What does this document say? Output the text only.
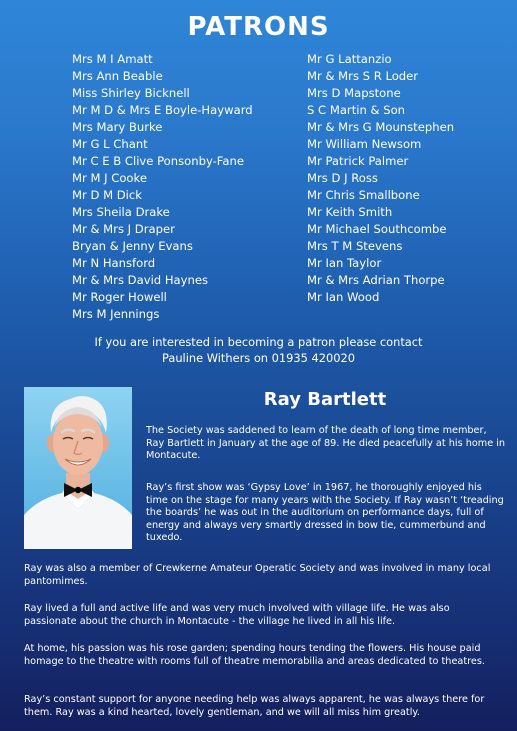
PATRONS
Mrs M I Amatt
Mrs Ann Beable
Miss Shirley Bicknell
Mr M D & Mrs E Boyle-Hayward
Mrs Mary Burke
Mr G L Chant
Mr C E B Clive Ponsonby-Fane
Mr M J Cooke
Mr D M Dick
Mrs Sheila Drake
Mr & Mrs J Draper
Bryan & Jenny Evans
Mr N Hansford
Mr & Mrs David Haynes
Mr Roger Howell
Mrs M Jennings
Mr G Lattanzio
Mr & Mrs S R Loder
Mrs D Mapstone
S C Martin & Son
Mr & Mrs G Mounstephen
Mr William Newsom
Mr Patrick Palmer
Mrs D J Ross
Mr Chris Smallbone
Mr Keith Smith
Mr Michael Southcombe
Mrs T M Stevens
Mr Ian Taylor
Mr & Mrs Adrian Thorpe
Mr Ian Wood
If you are interested in becoming a patron please contact
Pauline Withers on 01935 420020
Ray Bartlett

The Society was saddened to learn of the death of long time member, Ray Bartlett in January at the age of 89. He died peacefully at his home in Montacute.

Ray’s first show was ‘Gypsy Love’ in 1967, he thoroughly enjoyed his time on the stage for many years with the Society. If Ray wasn’t ‘treading the boards’ he was out in the auditorium on performance days, full of energy and always very smartly dressed in bow tie, cummerbund and tuxedo.

Ray was also a member of Crewkerne Amateur Operatic Society and was involved in many local pantomimes.

Ray lived a full and active life and was very much involved with village life. He was also passionate about the church in Montacute - the village he lived in all his life.

At home, his passion was his rose garden; spending hours tending the flowers. His house paid homage to the theatre with rooms full of theatre memorabilia and areas dedicated to theatres.

Ray’s constant support for anyone needing help was always apparent, he was always there for them. Ray was a kind hearted, lovely gentleman, and we will all miss him greatly.
